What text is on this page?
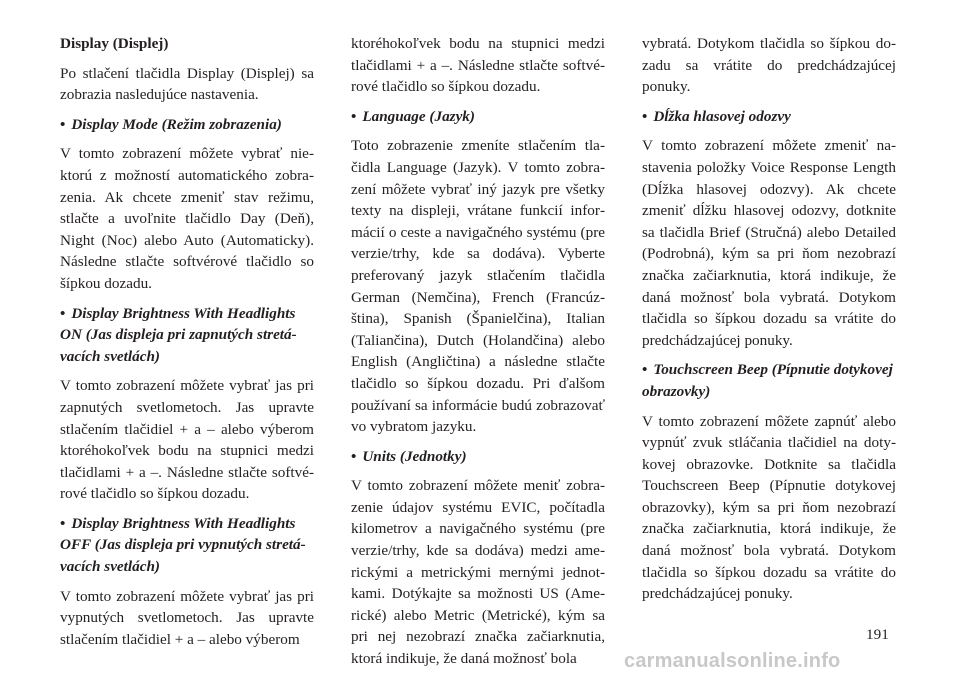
Display (Displej)

Po stlačení tlačidla Display (Displej) sa zobrazia nasledujúce nastavenia.

• Display Mode (Režim zobrazenia)

V tomto zobrazení môžete vybrať niektorú z možností automatického zobrazenia. Ak chcete zmeniť stav režimu, stlačte a uvoľnite tlačidlo Day (Deň), Night (Noc) alebo Auto (Automaticky). Následne stlačte softvérové tlačidlo so šípkou dozadu.

• Display Brightness With Headlights ON (Jas displeja pri zapnutých stretávacích svetlách)

V tomto zobrazení môžete vybrať jas pri zapnutých svetlometoch. Jas upravte stlačením tlačidiel + a – alebo výberom ktoréhokoľvek bodu na stupnici medzi tlačidlami + a –. Následne stlačte softvérové tlačidlo so šípkou dozadu.

• Display Brightness With Headlights OFF (Jas displeja pri vypnutých stretávacích svetlách)

V tomto zobrazení môžete vybrať jas pri vypnutých svetlometoch. Jas upravte stlačením tlačidiel + a – alebo výberom

ktoréhokoľvek bodu na stupnici medzi tlačidlami + a –. Následne stlačte softvérové tlačidlo so šípkou dozadu.

• Language (Jazyk)

Toto zobrazenie zmeníte stlačením tlačidla Language (Jazyk). V tomto zobrazení môžete vybrať iný jazyk pre všetky texty na displeji, vrátane funkcií informácií o ceste a navigačného systému (pre verzie/trhy, kde sa dodáva). Vyberte preferovaný jazyk stlačením tlačidla German (Nemčina), French (Francúzština), Spanish (Španielčina), Italian (Taliančina), Dutch (Holandčina) alebo English (Angličtina) a následne stlačte tlačidlo so šípkou dozadu. Pri ďalšom používaní sa informácie budú zobrazovať vo vybratom jazyku.

• Units (Jednotky)

V tomto zobrazení môžete meniť zobrazenie údajov systému EVIC, počítadla kilometrov a navigačného systému (pre verzie/trhy, kde sa dodáva) medzi americkými a metrickými mernými jednotkami. Dotýkajte sa možnosti US (Americké) alebo Metric (Metrické), kým sa pri nej nezobrazí značka začiarknutia, ktorá indikuje, že daná možnosť bola

vybratá. Dotykom tlačidla so šípkou dozadu sa vrátite do predchádzajúcej ponuky.

• Dĺžka hlasovej odozvy

V tomto zobrazení môžete zmeniť nastavenia položky Voice Response Length (Dĺžka hlasovej odozvy). Ak chcete zmeniť dĺžku hlasovej odozvy, dotknite sa tlačidla Brief (Stručná) alebo Detailed (Podrobná), kým sa pri ňom nezobrazí značka začiarknutia, ktorá indikuje, že daná možnosť bola vybratá. Dotykom tlačidla so šípkou dozadu sa vrátite do predchádzajúcej ponuky.

• Touchscreen Beep (Pípnutie dotykovej obrazovky)

V tomto zobrazení môžete zapnúť alebo vypnúť zvuk stláčania tlačidiel na dotykovej obrazovke. Dotknite sa tlačidla Touchscreen Beep (Pípnutie dotykovej obrazovky), kým sa pri ňom nezobrazí značka začiarknutia, ktorá indikuje, že daná možnosť bola vybratá. Dotykom tlačidla so šípkou dozadu sa vrátite do predchádzajúcej ponuky.

191
carmanualsonline.info
